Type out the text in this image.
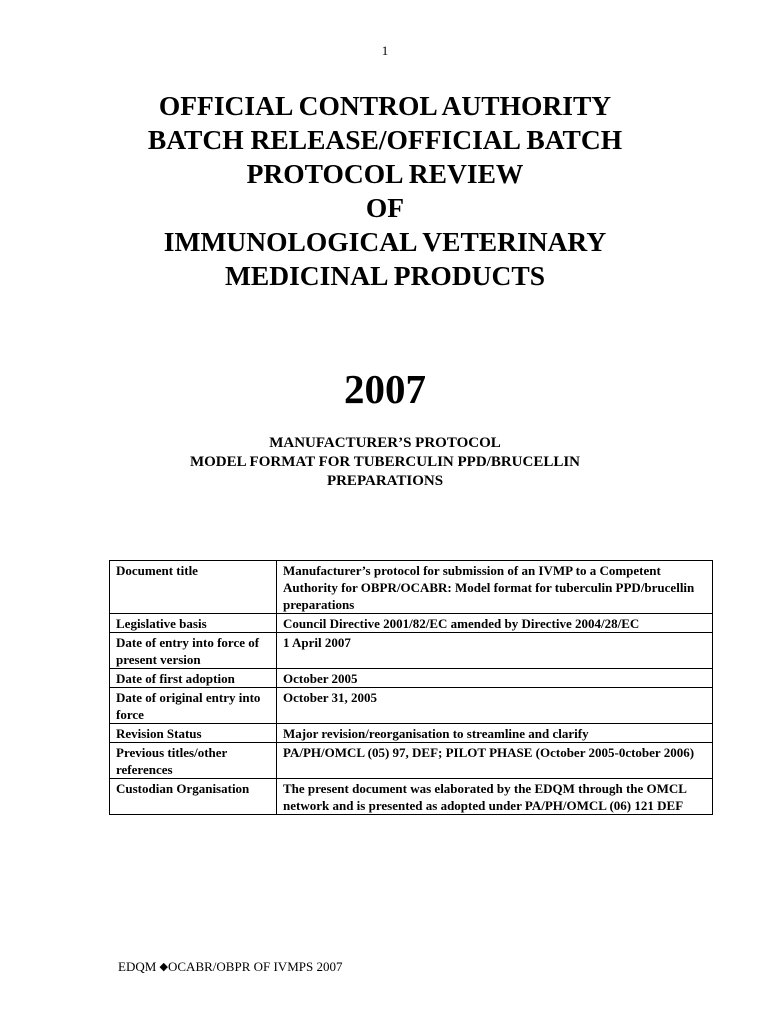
1
OFFICIAL CONTROL AUTHORITY
BATCH RELEASE/OFFICIAL BATCH
PROTOCOL REVIEW
OF
IMMUNOLOGICAL VETERINARY
MEDICINAL PRODUCTS
2007
MANUFACTURER’S PROTOCOL
MODEL FORMAT FOR TUBERCULIN PPD/BRUCELLIN
PREPARATIONS
Document title	Manufacturer’s protocol for submission of an IVMP to a Competent Authority for OBPR/OCABR: Model format for tuberculin PPD/brucellin preparations
Legislative basis	Council Directive 2001/82/EC amended by Directive 2004/28/EC
Date of entry into force of present version	1 April 2007
Date of first adoption	October 2005
Date of original entry into force	October 31, 2005
Revision Status	Major revision/reorganisation to streamline and clarify
Previous titles/other references	PA/PH/OMCL (05) 97, DEF; PILOT PHASE (October 2005-0ctober 2006)
Custodian Organisation	The present document was elaborated by the EDQM through the OMCL network and is presented as adopted under PA/PH/OMCL (06) 121 DEF
EDQM ◆OCABR/OBPR OF IVMPS 2007
